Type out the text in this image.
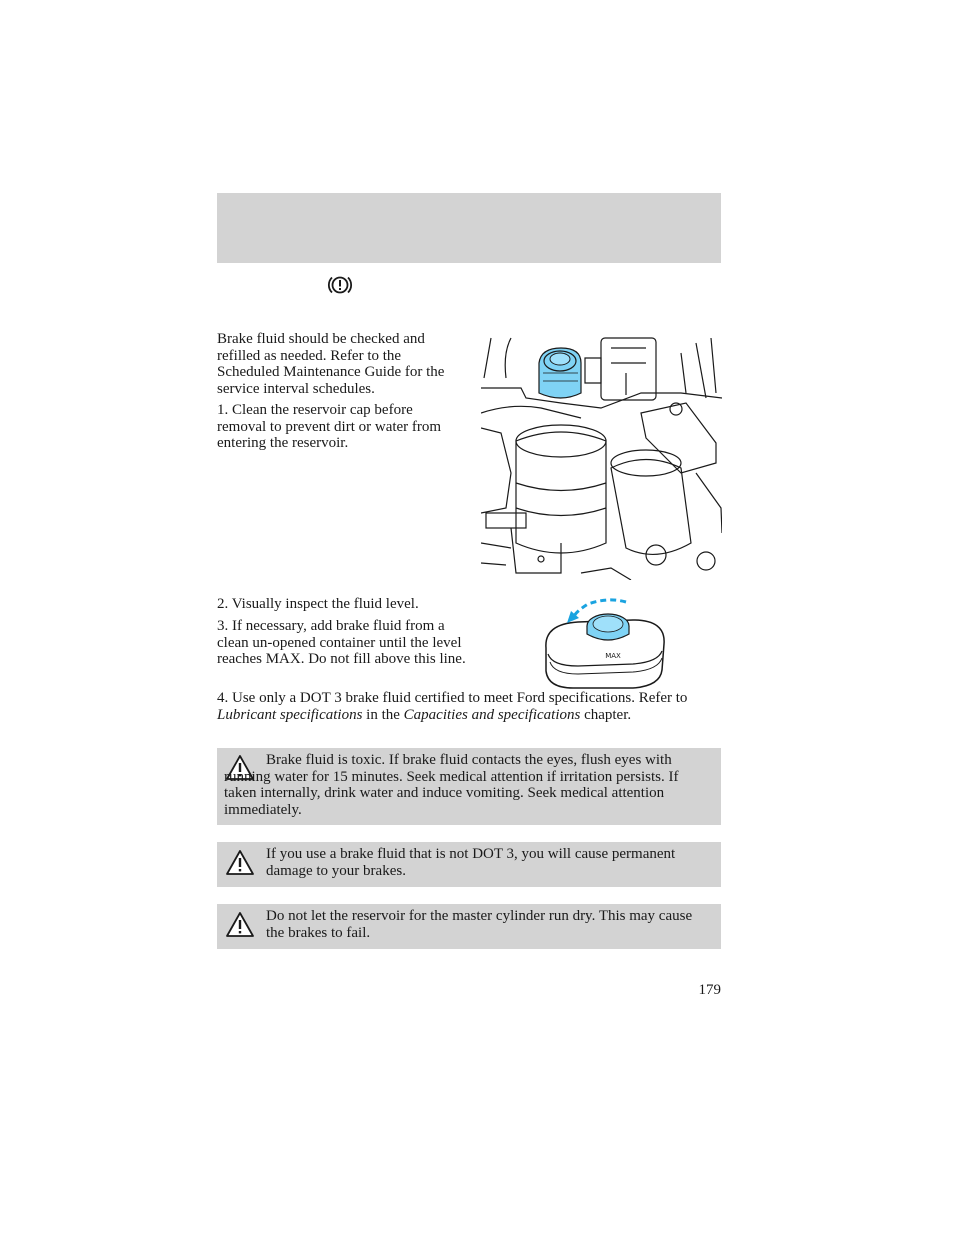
Brake fluid should be checked and refilled as needed. Refer to the Scheduled Maintenance Guide for the service interval schedules.

1. Clean the reservoir cap before removal to prevent dirt or water from entering the reservoir.

2. Visually inspect the fluid level.

3. If necessary, add brake fluid from a clean un-opened container until the level reaches MAX. Do not fill above this line.	MAX

4. Use only a DOT 3 brake fluid certified to meet Ford specifications. Refer to Lubricant specifications in the Capacities and specifications chapter.

Brake fluid is toxic. If brake fluid contacts the eyes, flush eyes with running water for 15 minutes. Seek medical attention if irritation persists. If taken internally, drink water and induce vomiting. Seek medical attention immediately.

If you use a brake fluid that is not DOT 3, you will cause permanent damage to your brakes.

Do not let the reservoir for the master cylinder run dry. This may cause the brakes to fail.

179
